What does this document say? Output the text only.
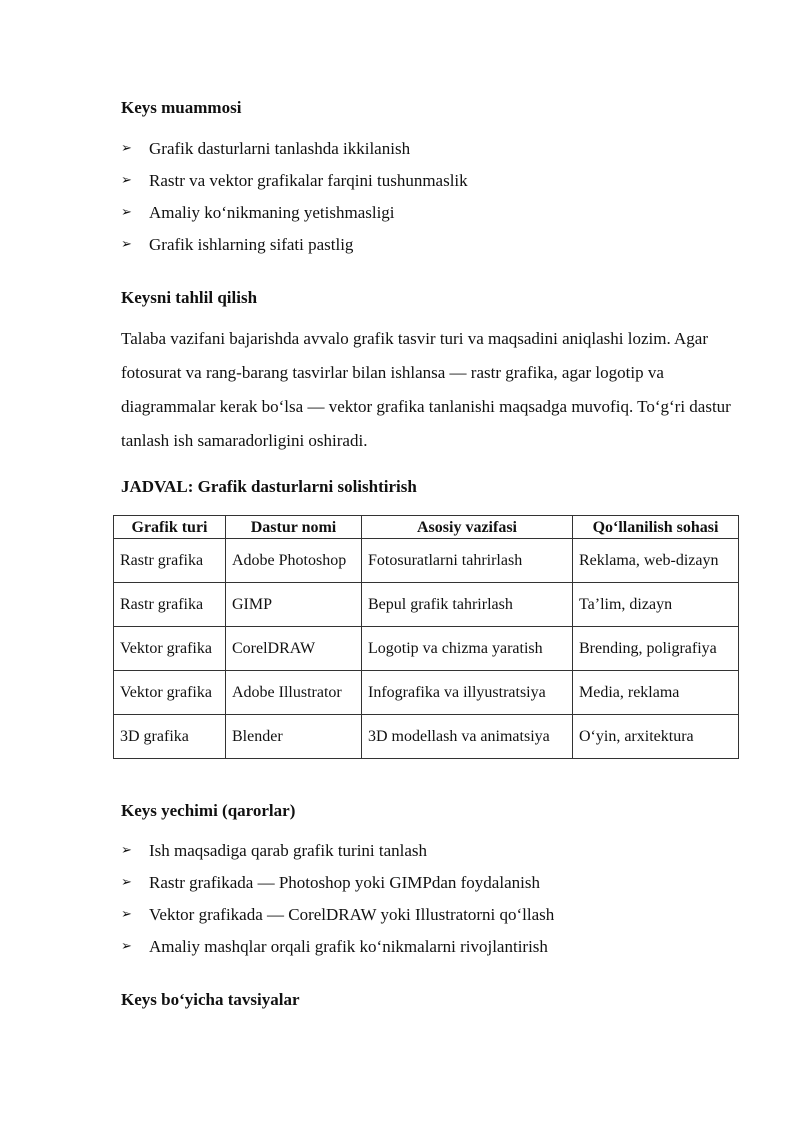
Keys muammosi
➢	Grafik dasturlarni tanlashda ikkilanish
➢	Rastr va vektor grafikalar farqini tushunmaslik
➢	Amaliy ko‘nikmaning yetishmasligi
➢	Grafik ishlarning sifati pastlig
Keysni tahlil qilish

Talaba vazifani bajarishda avvalo grafik tasvir turi va maqsadini aniqlashi lozim. Agar fotosurat va rang-barang tasvirlar bilan ishlansa — rastr grafika, agar logotip va diagrammalar kerak bo‘lsa — vektor grafika tanlanishi maqsadga muvofiq. To‘g‘ri dastur tanlash ish samaradorligini oshiradi.

JADVAL: Grafik dasturlarni solishtirish
Grafik turi	Dastur nomi	Asosiy vazifasi	Qo‘llanilish sohasi
Rastr grafika	Adobe Photoshop	Fotosuratlarni tahrirlash	Reklama, web-dizayn
Rastr grafika	GIMP	Bepul grafik tahrirlash	Ta’lim, dizayn
Vektor grafika	CorelDRAW	Logotip va chizma yaratish	Brending, poligrafiya
Vektor grafika	Adobe Illustrator	Infografika va illyustratsiya	Media, reklama
3D grafika	Blender	3D modellash va animatsiya	O‘yin, arxitektura
Keys yechimi (qarorlar)
➢	Ish maqsadiga qarab grafik turini tanlash
➢	Rastr grafikada — Photoshop yoki GIMPdan foydalanish
➢	Vektor grafikada — CorelDRAW yoki Illustratorni qo‘llash
➢	Amaliy mashqlar orqali grafik ko‘nikmalarni rivojlantirish
Keys bo‘yicha tavsiyalar
